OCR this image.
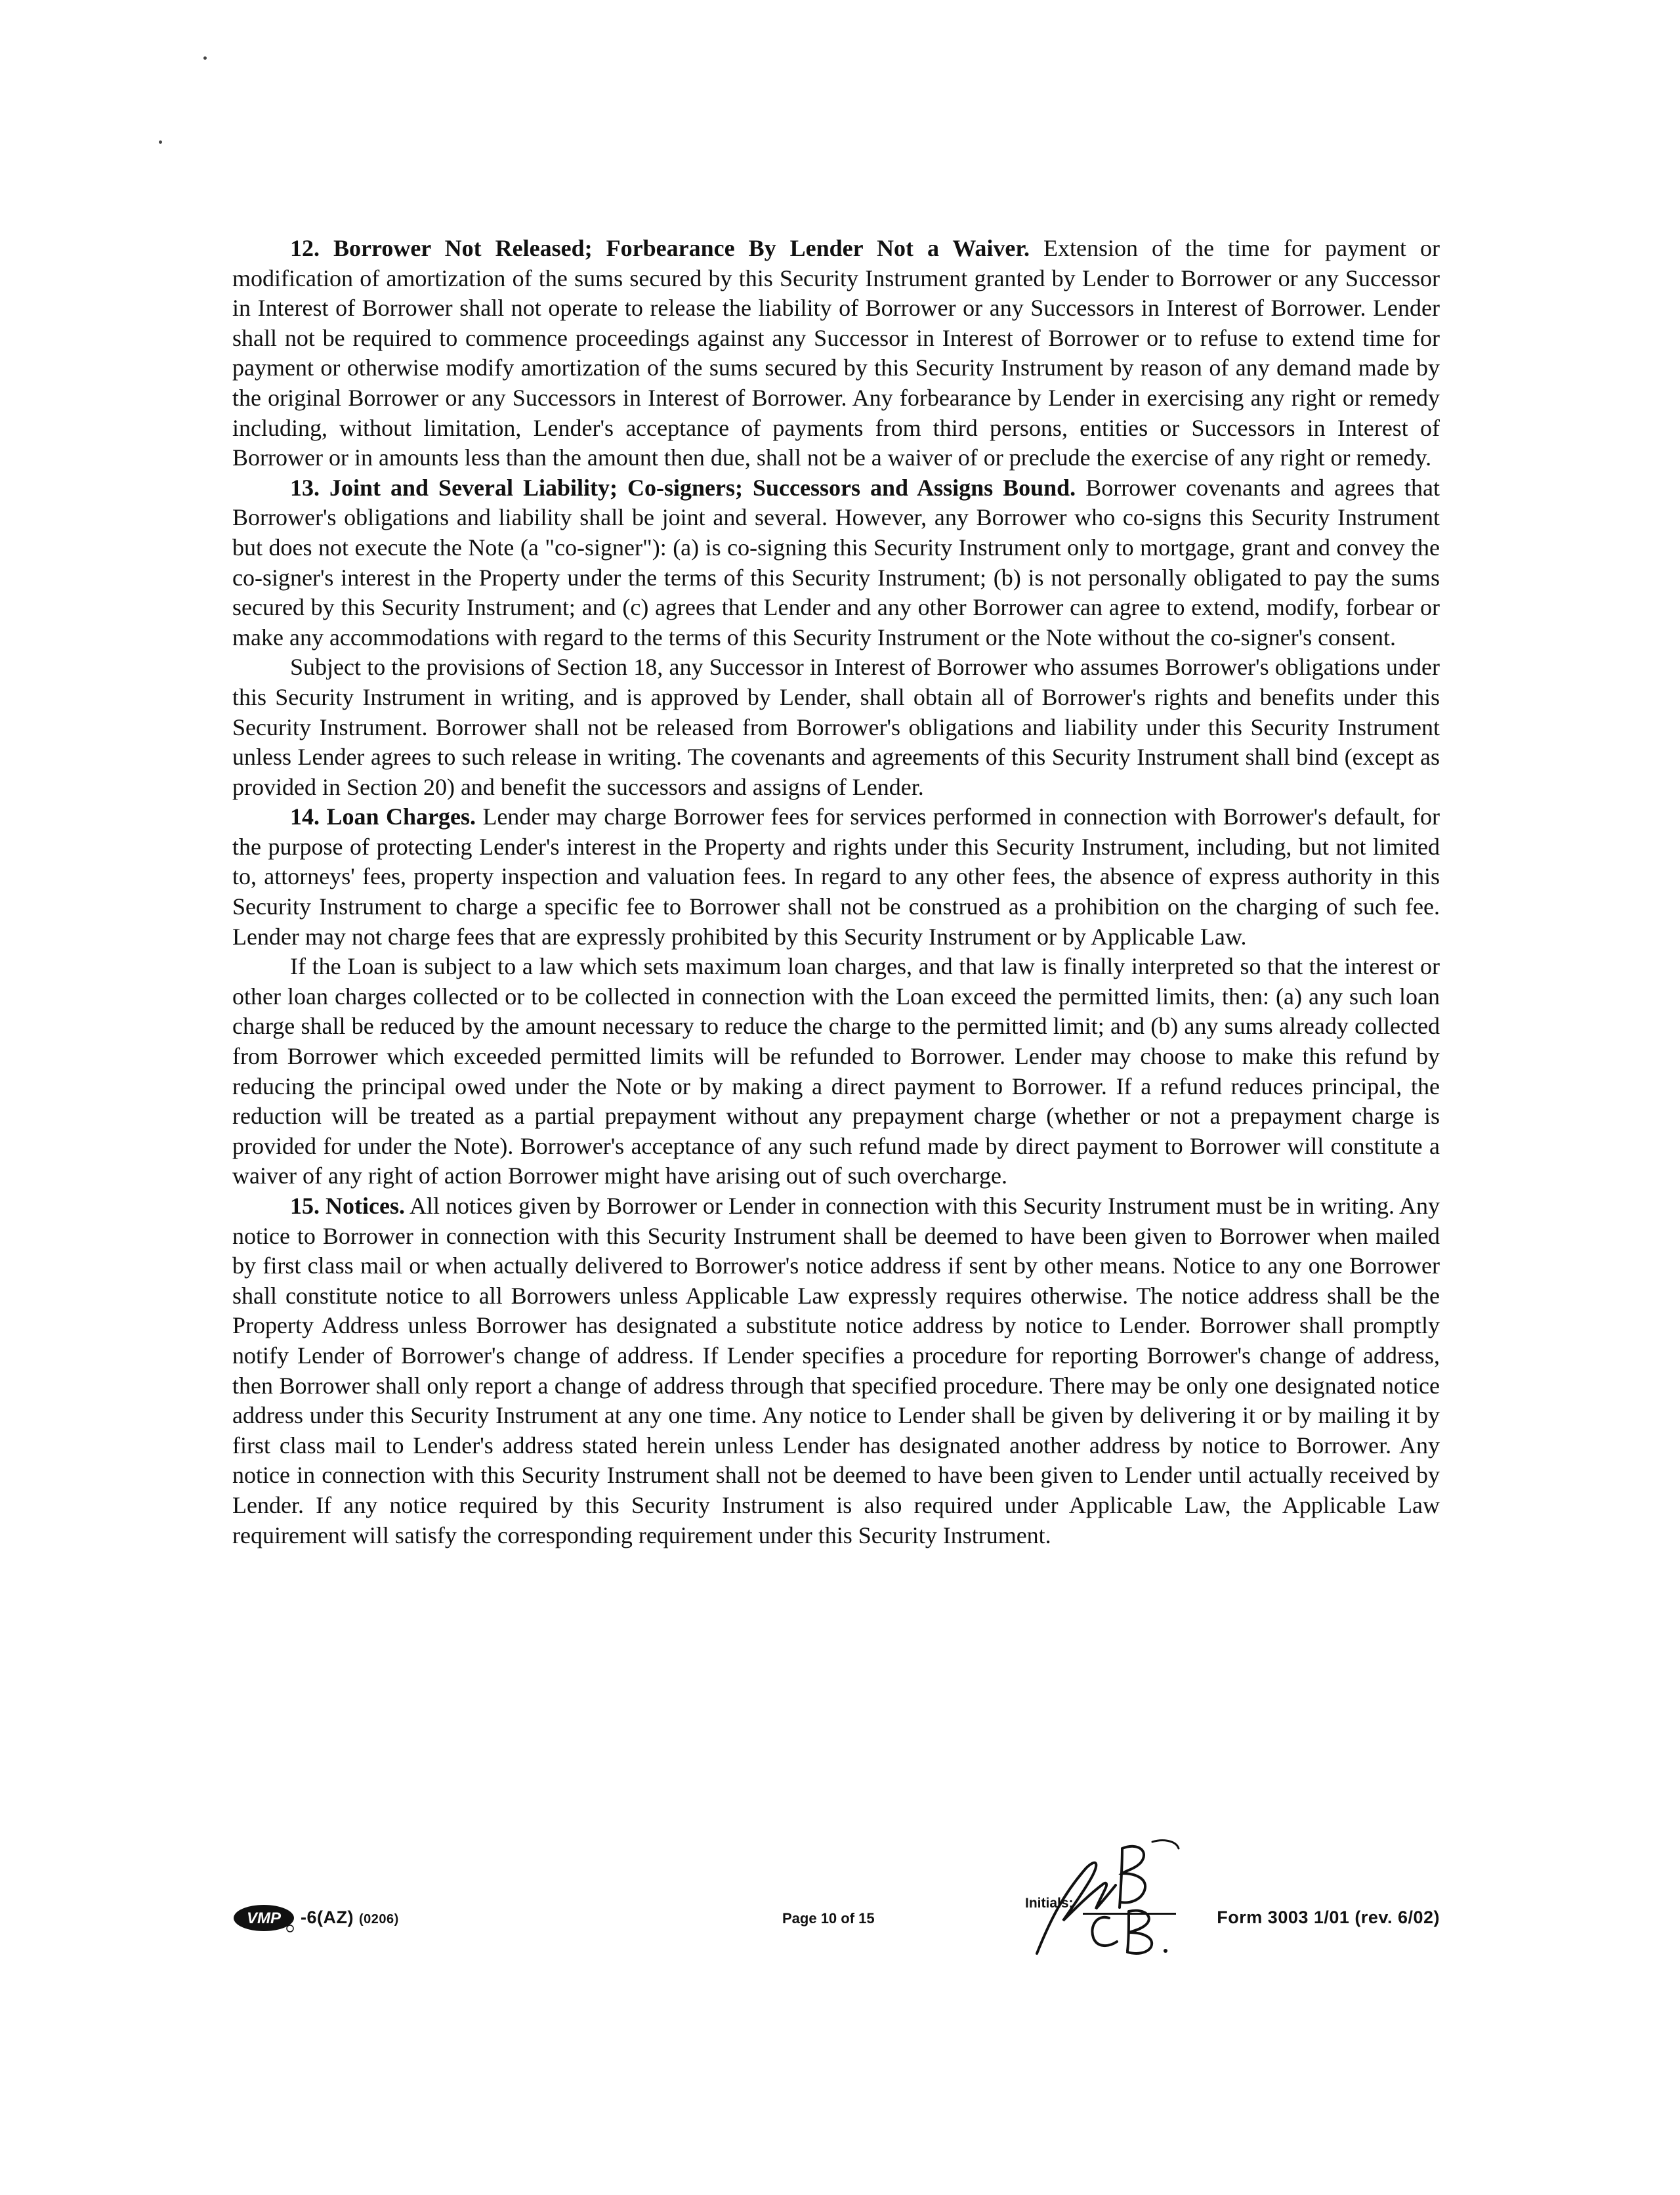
12. Borrower Not Released; Forbearance By Lender Not a Waiver. Extension of the time for payment or modification of amortization of the sums secured by this Security Instrument granted by Lender to Borrower or any Successor in Interest of Borrower shall not operate to release the liability of Borrower or any Successors in Interest of Borrower. Lender shall not be required to commence proceedings against any Successor in Interest of Borrower or to refuse to extend time for payment or otherwise modify amortization of the sums secured by this Security Instrument by reason of any demand made by the original Borrower or any Successors in Interest of Borrower. Any forbearance by Lender in exercising any right or remedy including, without limitation, Lender's acceptance of payments from third persons, entities or Successors in Interest of Borrower or in amounts less than the amount then due, shall not be a waiver of or preclude the exercise of any right or remedy.

13. Joint and Several Liability; Co-signers; Successors and Assigns Bound. Borrower covenants and agrees that Borrower's obligations and liability shall be joint and several. However, any Borrower who co-signs this Security Instrument but does not execute the Note (a "co-signer"): (a) is co-signing this Security Instrument only to mortgage, grant and convey the co-signer's interest in the Property under the terms of this Security Instrument; (b) is not personally obligated to pay the sums secured by this Security Instrument; and (c) agrees that Lender and any other Borrower can agree to extend, modify, forbear or make any accommodations with regard to the terms of this Security Instrument or the Note without the co-signer's consent.

Subject to the provisions of Section 18, any Successor in Interest of Borrower who assumes Borrower's obligations under this Security Instrument in writing, and is approved by Lender, shall obtain all of Borrower's rights and benefits under this Security Instrument. Borrower shall not be released from Borrower's obligations and liability under this Security Instrument unless Lender agrees to such release in writing. The covenants and agreements of this Security Instrument shall bind (except as provided in Section 20) and benefit the successors and assigns of Lender.

14. Loan Charges. Lender may charge Borrower fees for services performed in connection with Borrower's default, for the purpose of protecting Lender's interest in the Property and rights under this Security Instrument, including, but not limited to, attorneys' fees, property inspection and valuation fees. In regard to any other fees, the absence of express authority in this Security Instrument to charge a specific fee to Borrower shall not be construed as a prohibition on the charging of such fee. Lender may not charge fees that are expressly prohibited by this Security Instrument or by Applicable Law.

If the Loan is subject to a law which sets maximum loan charges, and that law is finally interpreted so that the interest or other loan charges collected or to be collected in connection with the Loan exceed the permitted limits, then: (a) any such loan charge shall be reduced by the amount necessary to reduce the charge to the permitted limit; and (b) any sums already collected from Borrower which exceeded permitted limits will be refunded to Borrower. Lender may choose to make this refund by reducing the principal owed under the Note or by making a direct payment to Borrower. If a refund reduces principal, the reduction will be treated as a partial prepayment without any prepayment charge (whether or not a prepayment charge is provided for under the Note). Borrower's acceptance of any such refund made by direct payment to Borrower will constitute a waiver of any right of action Borrower might have arising out of such overcharge.

15. Notices. All notices given by Borrower or Lender in connection with this Security Instrument must be in writing. Any notice to Borrower in connection with this Security Instrument shall be deemed to have been given to Borrower when mailed by first class mail or when actually delivered to Borrower's notice address if sent by other means. Notice to any one Borrower shall constitute notice to all Borrowers unless Applicable Law expressly requires otherwise. The notice address shall be the Property Address unless Borrower has designated a substitute notice address by notice to Lender. Borrower shall promptly notify Lender of Borrower's change of address. If Lender specifies a procedure for reporting Borrower's change of address, then Borrower shall only report a change of address through that specified procedure. There may be only one designated notice address under this Security Instrument at any one time. Any notice to Lender shall be given by delivering it or by mailing it by first class mail to Lender's address stated herein unless Lender has designated another address by notice to Borrower. Any notice in connection with this Security Instrument shall not be deemed to have been given to Lender until actually received by Lender. If any notice required by this Security Instrument is also required under Applicable Law, the Applicable Law requirement will satisfy the corresponding requirement under this Security Instrument.

VMP -6(AZ) (0206)	Page 10 of 15
Initials:
Form 3003 1/01 (rev. 6/02)
